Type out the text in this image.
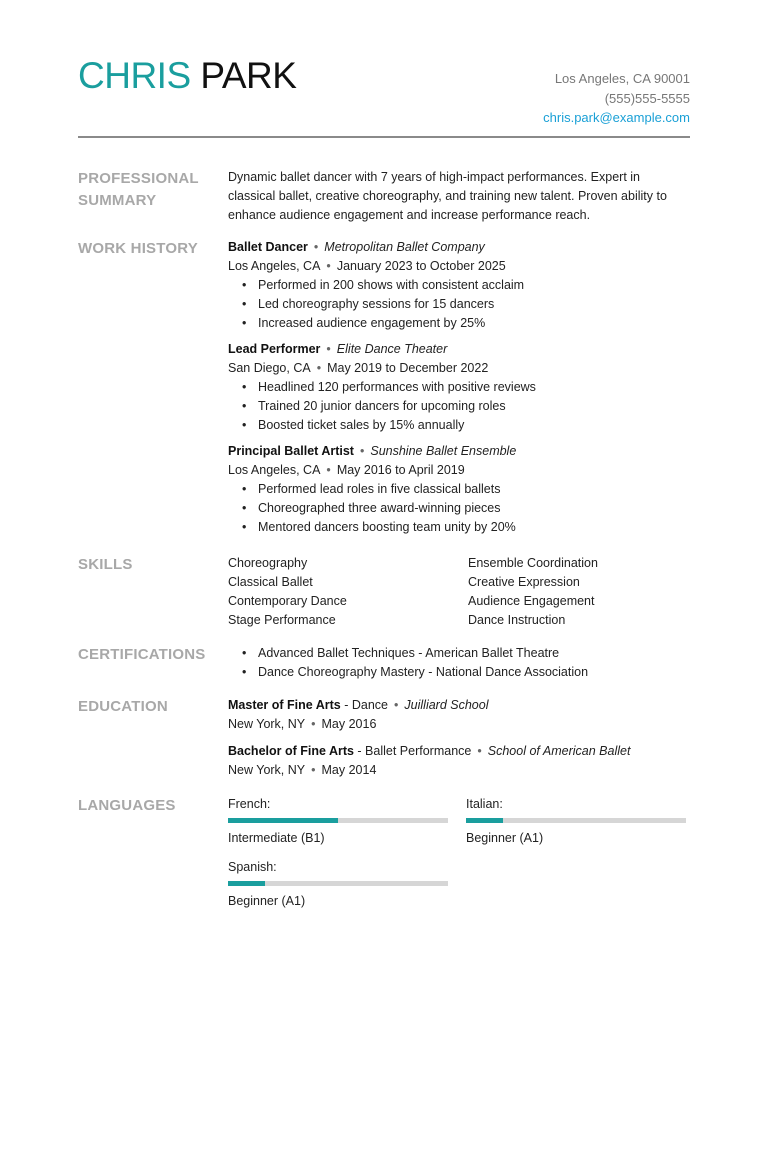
CHRIS PARK	Los Angeles, CA 90001
(555)555-5555
chris.park@example.com
PROFESSIONAL
SUMMARY
Dynamic ballet dancer with 7 years of high-impact performances. Expert in classical ballet, creative choreography, and training new talent. Proven ability to enhance audience engagement and increase performance reach.
WORK HISTORY	Ballet Dancer • Metropolitan Ballet Company
Los Angeles, CA • January 2023 to October 2025
• Performed in 200 shows with consistent acclaim
• Led choreography sessions for 15 dancers
• Increased audience engagement by 25%
Lead Performer • Elite Dance Theater
San Diego, CA • May 2019 to December 2022
• Headlined 120 performances with positive reviews
• Trained 20 junior dancers for upcoming roles
• Boosted ticket sales by 15% annually
Principal Ballet Artist • Sunshine Ballet Ensemble
Los Angeles, CA • May 2016 to April 2019
• Performed lead roles in five classical ballets
• Choreographed three award-winning pieces
• Mentored dancers boosting team unity by 20%
SKILLS	Choreography	Ensemble Coordination
Classical Ballet	Creative Expression
Contemporary Dance	Audience Engagement
Stage Performance	Dance Instruction
CERTIFICATIONS
•	Advanced Ballet Techniques - American Ballet Theatre
• Dance Choreography Mastery - National Dance Association
EDUCATION	Master of Fine Arts - Dance • Juilliard School
New York, NY • May 2016
Bachelor of Fine Arts - Ballet Performance • School of American Ballet
New York, NY • May 2014
LANGUAGES	French:
Intermediate (B1)
Italian:
Beginner (A1)
Spanish:
Beginner (A1)
